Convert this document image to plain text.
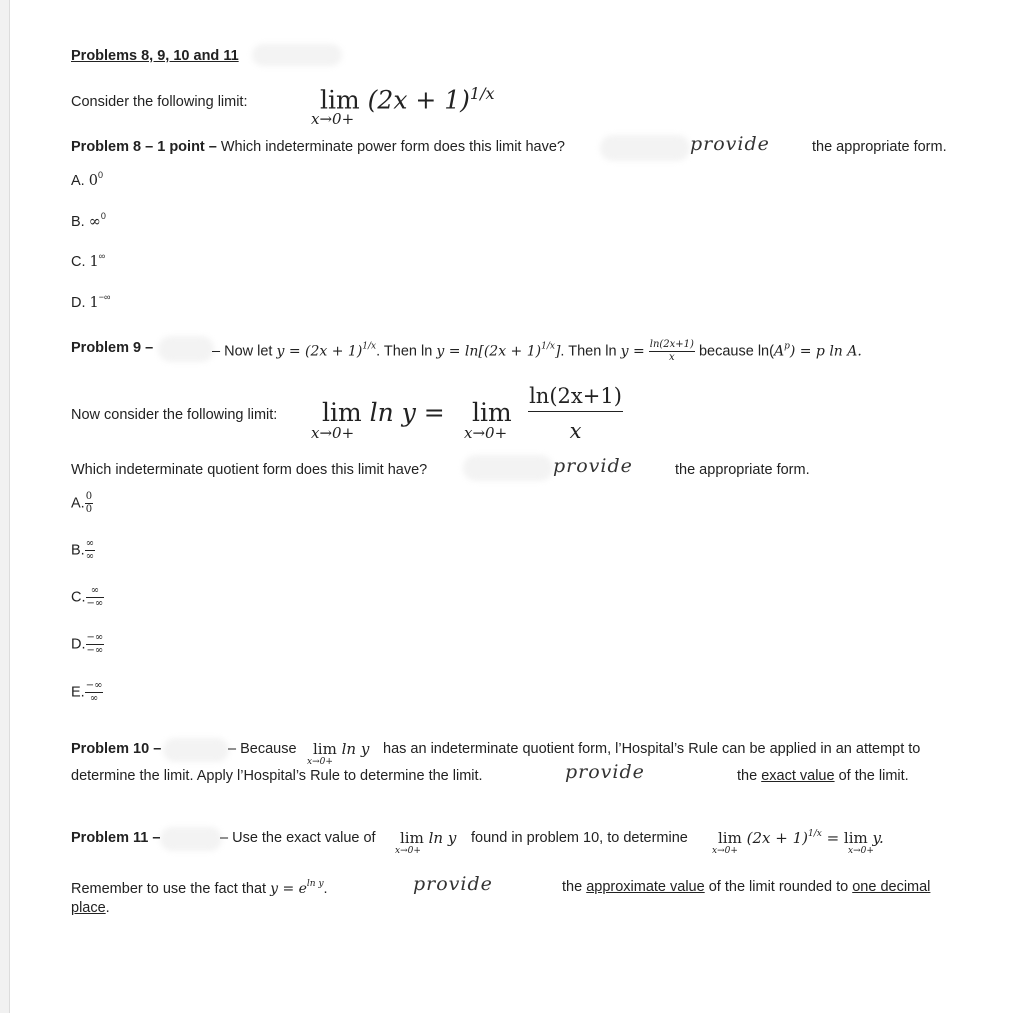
Problems 8, 9, 10 and 11
Consider the following limit:	$\lim (2x + 1)^{1/x}$
x→0+
Problem 8 – 1 point – Which indeterminate power form does this limit have?	provide	the appropriate form.
A. $0^0$
B. ∞$^0$
C. 1∞
D. 1−∞
Problem 9 –	– Now let $y = (2x + 1)^{1/x}$. Then $\ln y = \ln[(2x + 1)^{1/x}]$. Then $\ln y = \frac{\ln(2x+1)}{x}$ because $\ln(A^p) = p$ ln A.
Now consider the following limit: lim ln y =
x→0+
lim
x→0+
ln(2x+1)
x
Which indeterminate quotient form does this limit have?	provide	the appropriate form.
A. $\frac{0}{0}$
B. $\frac{\infty}{\infty}$
C. $\frac{\infty}{-\infty}$
D. $\frac{-\infty}{-\infty}$
E. $\frac{-\infty}{\infty}$
Problem 10 –	– Because lim ln y
x→0+
has an indeterminate quotient form, l’Hospital’s Rule can be applied in an attempt to
determine the limit. Apply l’Hospital’s Rule to determine the limit.	provide	the exact value of the limit.
Problem 11 –	– Use the exact value of lim ln y
x→0+
found in problem 10, to determine $\lim (2x + 1)^{1/x} = \lim y$.
x→0+	x→0+
Remember to use the fact that $y = e^{ln y}$.	provide	the approximate value of the limit rounded to one decimal
place.
